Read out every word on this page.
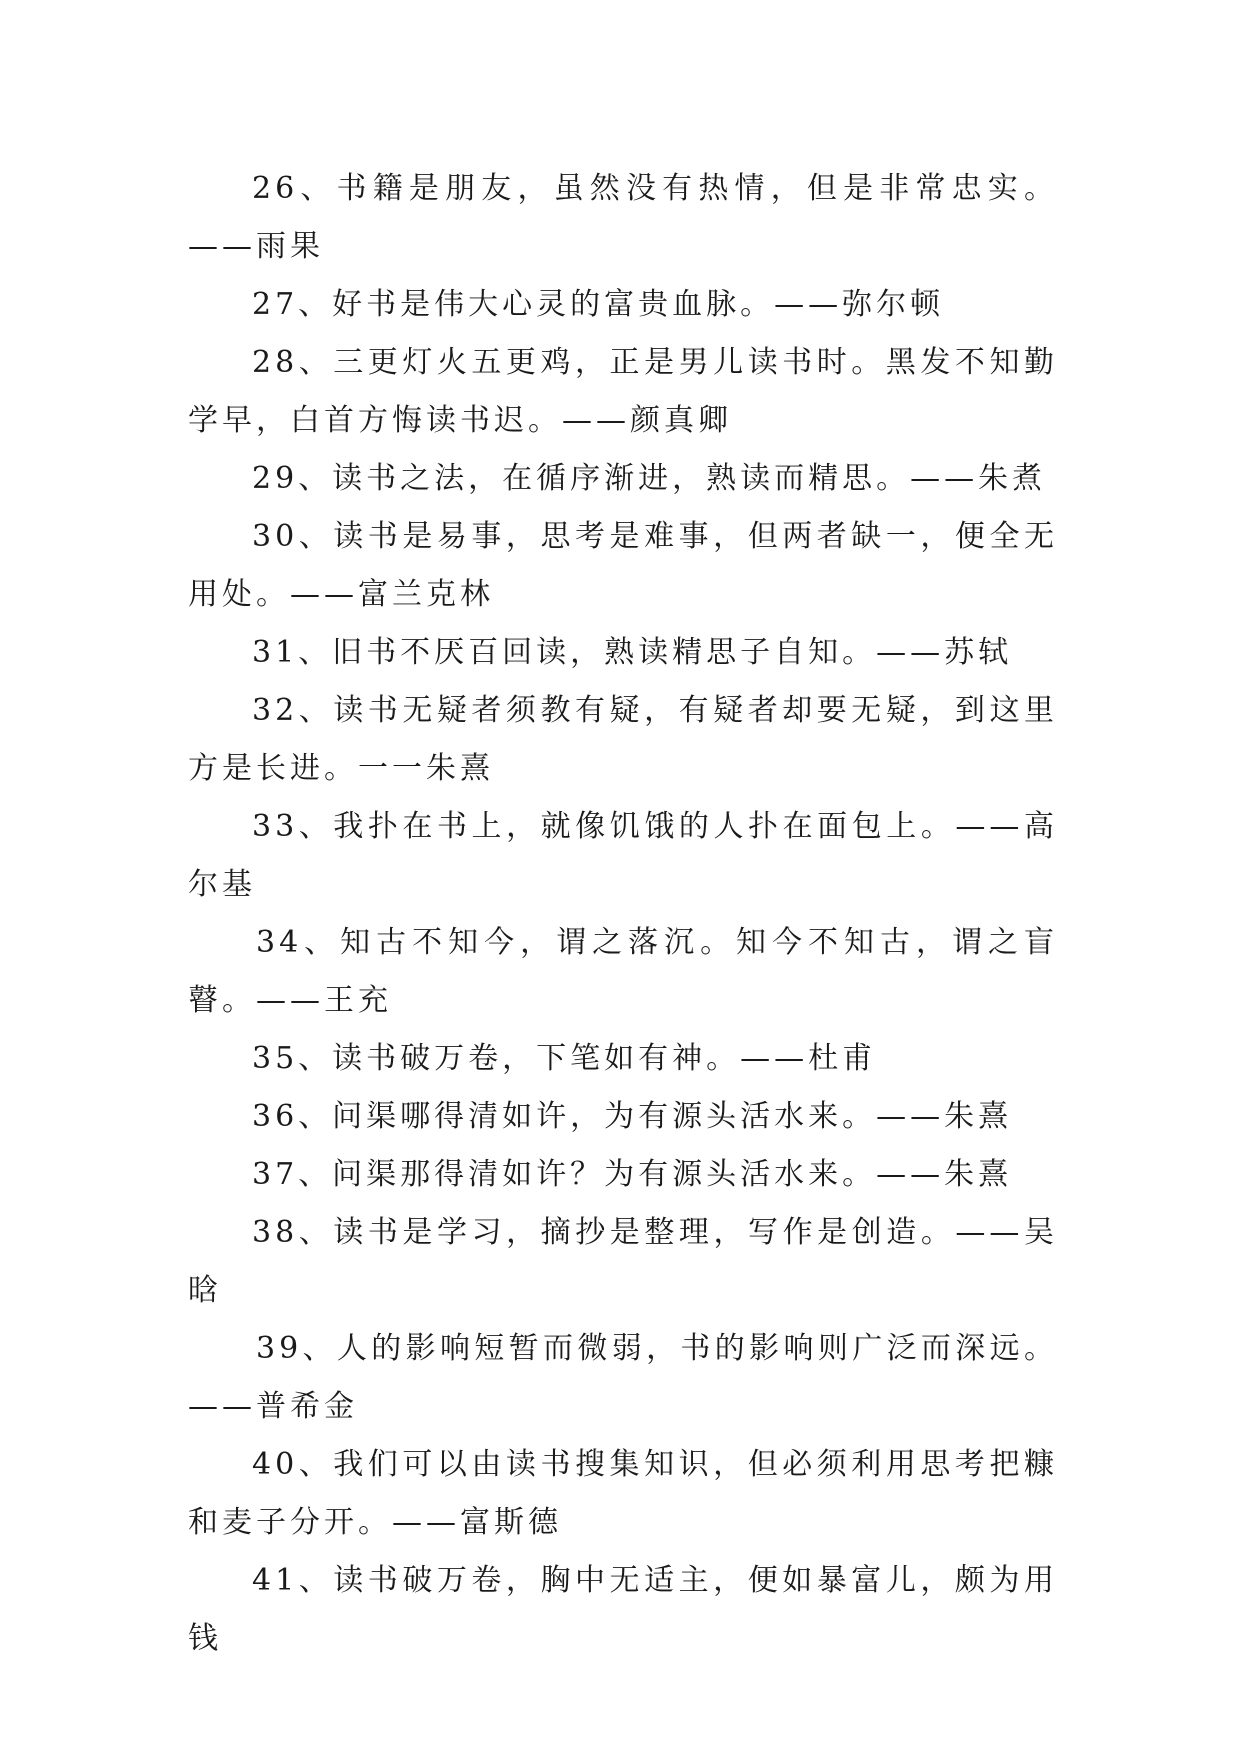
26、书籍是朋友，虽然没有热情，但是非常忠实。——雨果

27、好书是伟大心灵的富贵血脉。——弥尔顿

28、三更灯火五更鸡，正是男儿读书时。黑发不知勤学早，白首方悔读书迟。——颜真卿

29、读书之法，在循序渐进，熟读而精思。——朱煮

30、读书是易事，思考是难事，但两者缺一，便全无用处。——富兰克林

31、旧书不厌百回读，熟读精思子自知。——苏轼

32、读书无疑者须教有疑，有疑者却要无疑，到这里方是长进。一一朱熹

33、我扑在书上，就像饥饿的人扑在面包上。——高尔基

34、知古不知今，谓之落沉。知今不知古，谓之盲瞽。——王充

35、读书破万卷，下笔如有神。——杜甫

36、问渠哪得清如许，为有源头活水来。——朱熹

37、问渠那得清如许？为有源头活水来。——朱熹

38、读书是学习，摘抄是整理，写作是创造。——吴晗

39、人的影响短暂而微弱，书的影响则广泛而深远。——普希金

40、我们可以由读书搜集知识，但必须利用思考把糠和麦子分开。——富斯德

41、读书破万卷，胸中无适主，便如暴富儿，颇为用钱
